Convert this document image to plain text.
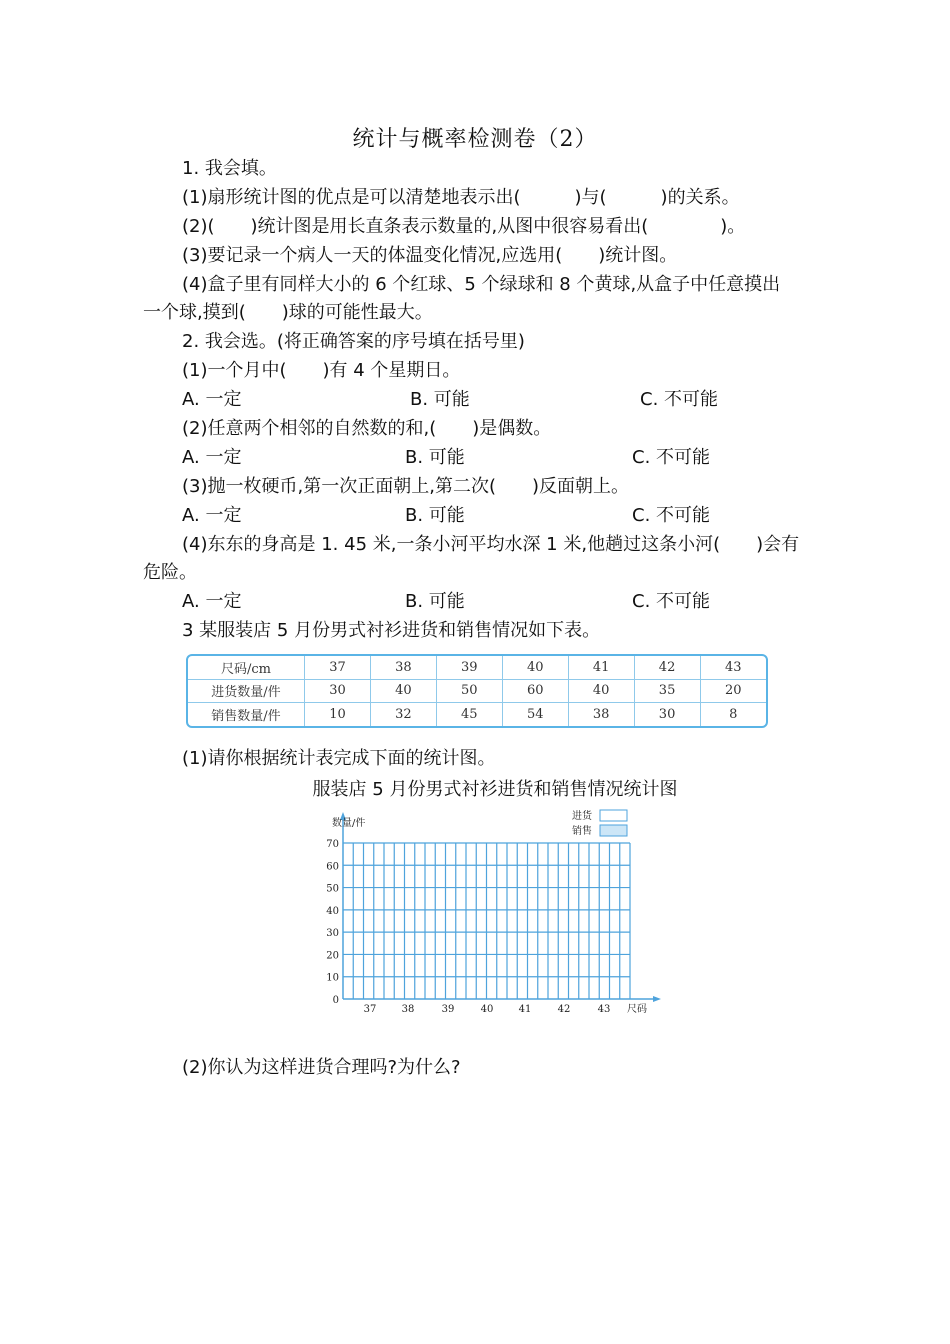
统计与概率检测卷（2）
1. 我会填。
(1)扇形统计图的优点是可以清楚地表示出(　　　)与(　　　)的关系。
(2)(　　)统计图是用长直条表示数量的,从图中很容易看出(　　　　)。
(3)要记录一个病人一天的体温变化情况,应选用(　　)统计图。
(4)盒子里有同样大小的 6 个红球、5 个绿球和 8 个黄球,从盒子中任意摸出
一个球,摸到(　　)球的可能性最大。
2. 我会选。(将正确答案的序号填在括号里)
(1)一个月中(　　)有 4 个星期日。
A. 一定	B. 可能	C. 不可能
(2)任意两个相邻的自然数的和,(　　)是偶数。
A. 一定	B. 可能	C. 不可能
(3)抛一枚硬币,第一次正面朝上,第二次(　　)反面朝上。
A. 一定	B. 可能	C. 不可能
(4)东东的身高是 1. 45 米,一条小河平均水深 1 米,他趟过这条小河(　　)会有
危险。
A. 一定	B. 可能	C. 不可能
3 某服装店 5 月份男式衬衫进货和销售情况如下表。
尺码/cm	37	38	39	40	41	42	43
进货数量/件	30	40	50	60	40	35	20
销售数量/件	10	32	45	54	38	30	8
(1)请你根据统计表完成下面的统计图。
服装店 5 月份男式衬衫进货和销售情况统计图
0
10
20
30
40
50
60
70
37	38	39	40	41	42	43
数量/件
尺码
进货
销售
(2)你认为这样进货合理吗?为什么?
